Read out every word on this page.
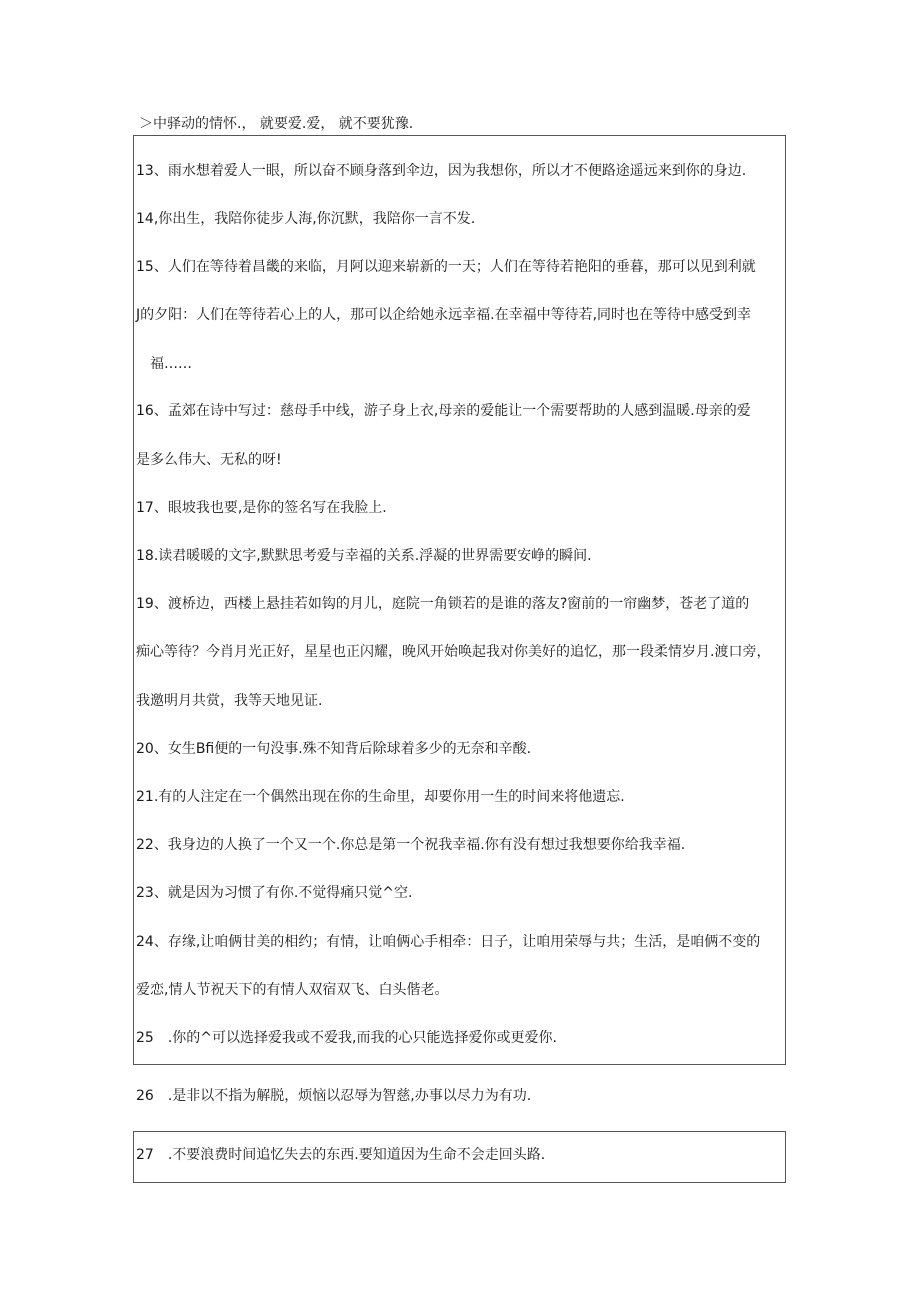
＞中驿动的情怀.， 就要爱.爱， 就不要犹豫.
13、雨水想着爱人一眼，所以奋不顾身落到伞边，因为我想你，所以才不便路途遥远来到你的身边.
14,你出生，我陪你徒步人海,你沉默，我陪你一言不发.
15、人们在等待着昌畿的来临，月阿以迎来崭新的一天；人们在等待若艳阳的垂暮，那可以见到利就
J的夕阳：人们在等待若心上的人，那可以企给她永远幸福.在幸福中等待若,同时也在等待中感受到幸
福……
16、孟郊在诗中写过：慈母手中线，游子身上衣,母亲的爱能让一个需要帮助的人感到温暖.母亲的爱
是多么伟大、无私的呀!
17、眼坡我也要,是你的签名写在我脸上.
18.读君暖暖的文字,默默思考爱与幸福的关系.浮凝的世界需要安峥的瞬间.
19、渡桥边，西楼上悬挂若如钩的月儿，庭院一角锁若的是谁的落友?窗前的一帘幽梦，苍老了道的
痴心等待？今肖月光正好，星星也正闪耀，晚风开始唤起我对你美好的追忆，那一段柔情岁月.渡口旁，
我邀明月共赏，我等天地见证.
20、女生Bfi便的一句没事.殊不知背后除球着多少的无奈和辛酸.
21.有的人注定在一个偶然出现在你的生命里，却要你用一生的时间来将他遗忘.
22、我身边的人换了一个又一个.你总是第一个祝我幸福.你有没有想过我想要你给我幸福.
23、就是因为习惯了有你.不觉得痛只觉^空.
24、存缘,让咱俩甘美的相约；有情，让咱俩心手相牵：日子，让咱用荣辱与共；生活，是咱俩不变的
爱恋,情人节祝天下的有情人双宿双飞、白头偕老。
25　.你的^可以选择爱我或不爱我,而我的心只能选择爱你或更爱你.
26　.是非以不指为解脱，烦恼以忍辱为智慈,办事以尽力为有功.
27　.不要浪费时间追忆失去的东西.要知道因为生命不会走回头路.
